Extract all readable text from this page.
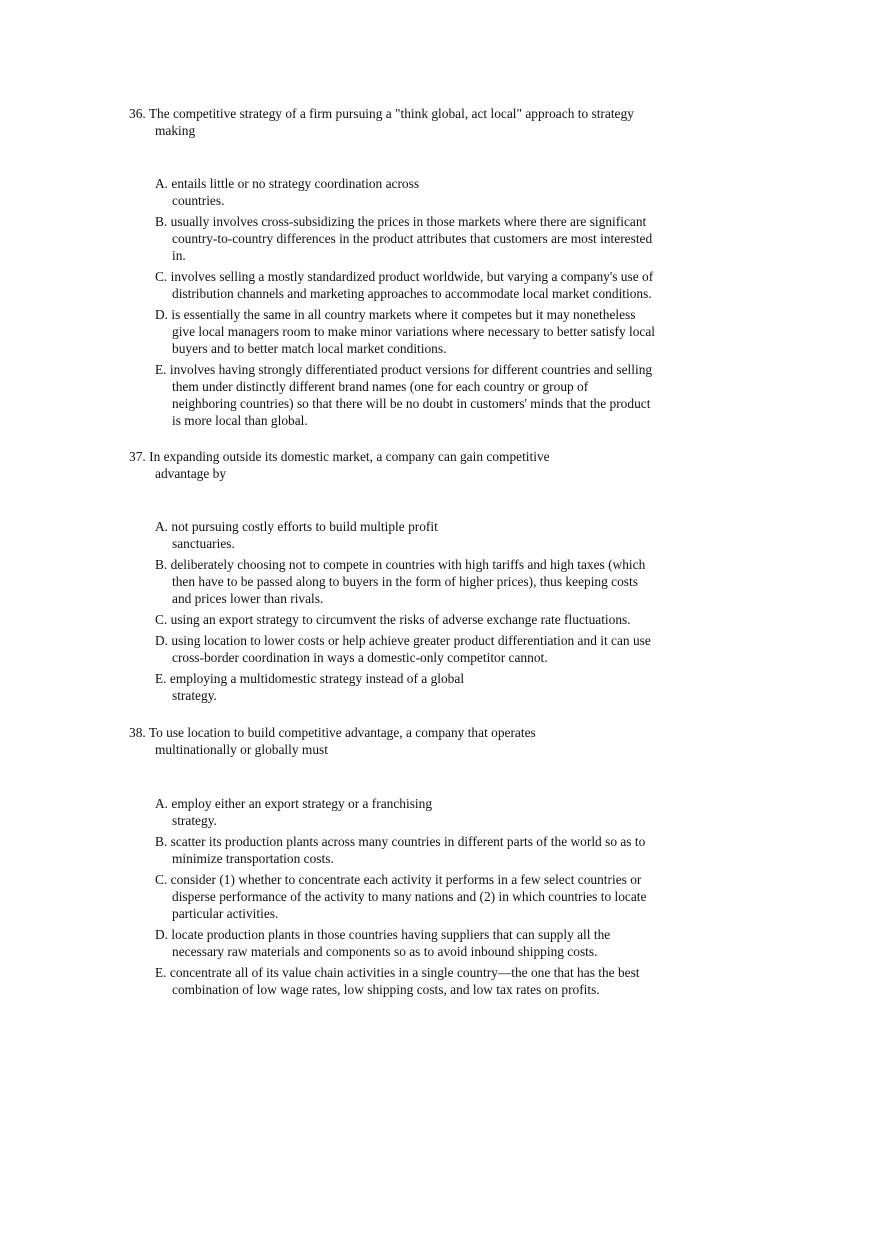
36. The competitive strategy of a firm pursuing a "think global, act local" approach to strategy making

A. entails little or no strategy coordination across countries.
B. usually involves cross-subsidizing the prices in those markets where there are significant country-to-country differences in the product attributes that customers are most interested in.
C. involves selling a mostly standardized product worldwide, but varying a company's use of distribution channels and marketing approaches to accommodate local market conditions.
D. is essentially the same in all country markets where it competes but it may nonetheless give local managers room to make minor variations where necessary to better satisfy local buyers and to better match local market conditions.
E. involves having strongly differentiated product versions for different countries and selling them under distinctly different brand names (one for each country or group of neighboring countries) so that there will be no doubt in customers' minds that the product is more local than global.

37. In expanding outside its domestic market, a company can gain competitive advantage by

A. not pursuing costly efforts to build multiple profit sanctuaries.
B. deliberately choosing not to compete in countries with high tariffs and high taxes (which then have to be passed along to buyers in the form of higher prices), thus keeping costs and prices lower than rivals.
C. using an export strategy to circumvent the risks of adverse exchange rate fluctuations.
D. using location to lower costs or help achieve greater product differentiation and it can use cross-border coordination in ways a domestic-only competitor cannot.
E. employing a multidomestic strategy instead of a global strategy.

38. To use location to build competitive advantage, a company that operates multinationally or globally must

A. employ either an export strategy or a franchising strategy.
B. scatter its production plants across many countries in different parts of the world so as to minimize transportation costs.
C. consider (1) whether to concentrate each activity it performs in a few select countries or disperse performance of the activity to many nations and (2) in which countries to locate particular activities.
D. locate production plants in those countries having suppliers that can supply all the necessary raw materials and components so as to avoid inbound shipping costs.
E. concentrate all of its value chain activities in a single country—the one that has the best combination of low wage rates, low shipping costs, and low tax rates on profits.
